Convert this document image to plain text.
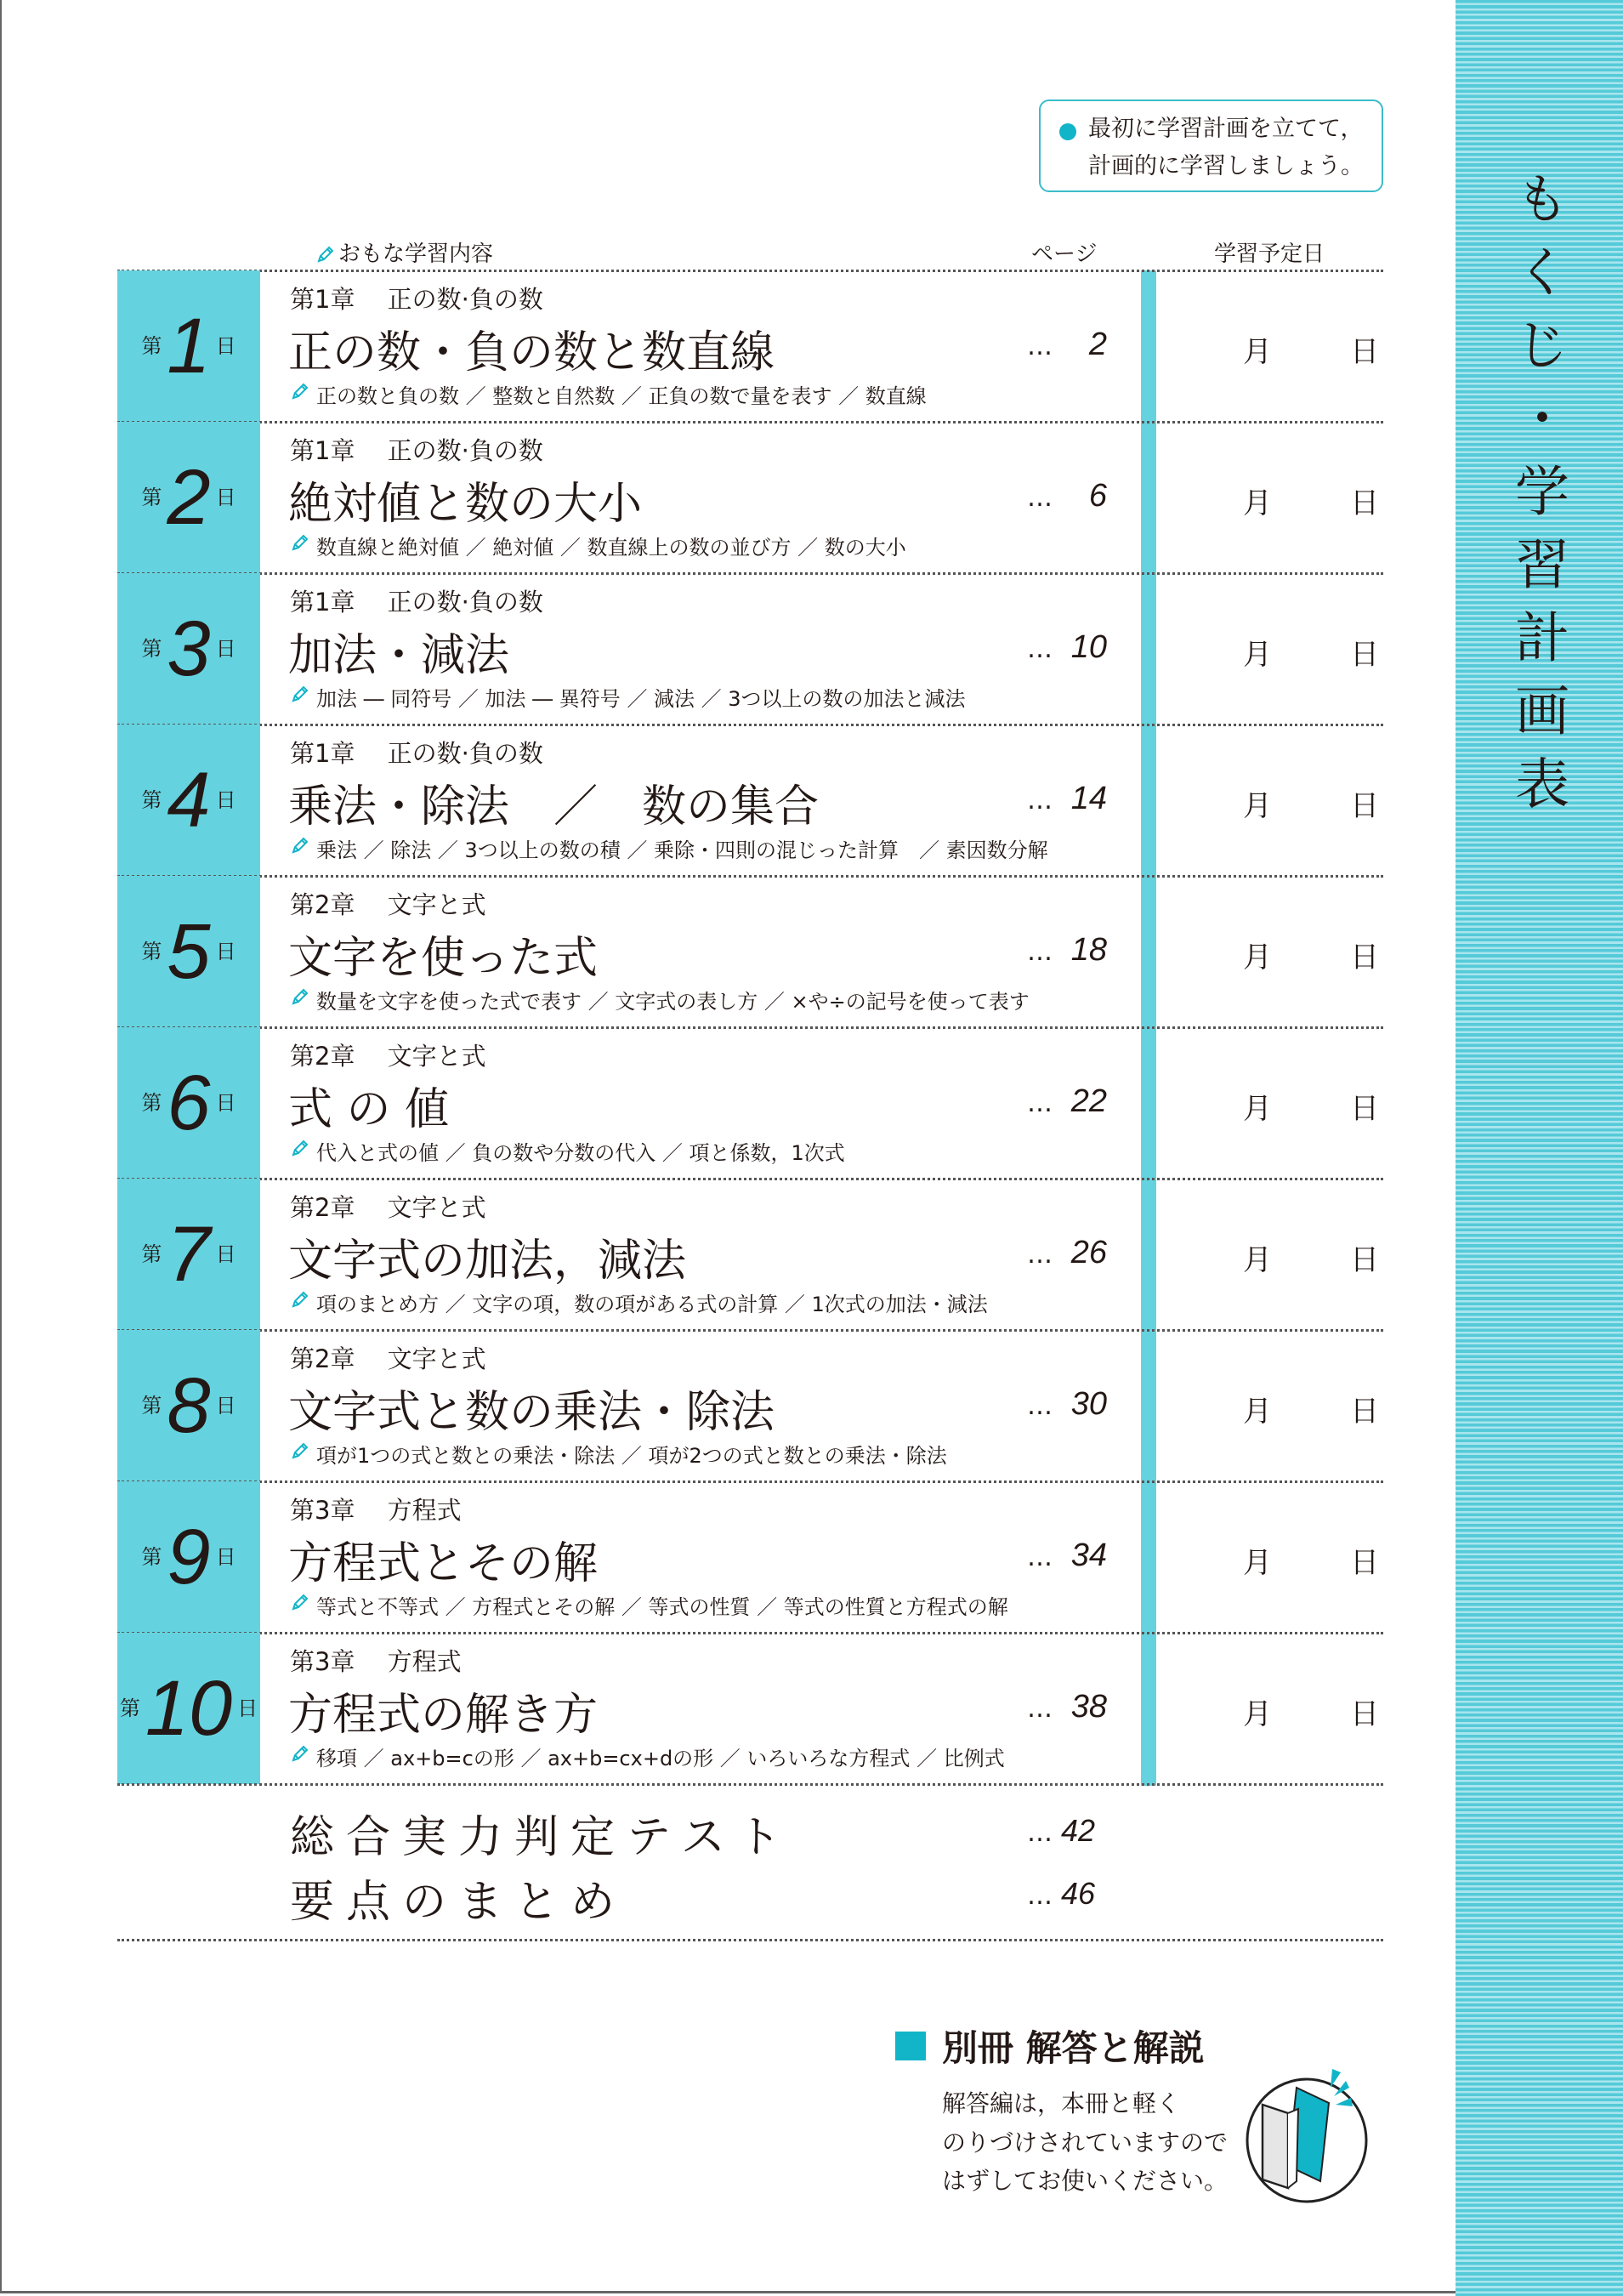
もくじ・学習計画表
最初に学習計画を立てて，
計画的に学習しましょう。
おもな学習内容	ページ	学習予定日
第 1 日
第1章　 正の数·負の数
正の数・負の数と数直線
正の数と負の数 ／ 整数と自然数 ／ 正負の数で量を表す ／ 数直線
…	2	月	日
第 2 日
第1章　 正の数·負の数
絶対値と数の大小
数直線と絶対値 ／ 絶対値 ／ 数直線上の数の並び方 ／ 数の大小
…	6	月	日
第 3 日
第1章　 正の数·負の数
加法・減法
加法 ― 同符号 ／ 加法 ― 異符号 ／ 減法 ／ 3つ以上の数の加法と減法
… 10	月	日
第 4 日
第1章　 正の数·負の数
乗法・除法　／　数の集合
乗法 ／ 除法 ／ 3つ以上の数の積 ／ 乗除・四則の混じった計算　／ 素因数分解
… 14	月	日
第 5 日
第2章　 文字と式
文字を使った式
数量を文字を使った式で表す ／ 文字式の表し方 ／ ×や÷の記号を使って表す
… 18	月	日
第 6 日
第2章　 文字と式
式 の 値
代入と式の値 ／ 負の数や分数の代入 ／ 項と係数，1次式
… 22	月	日
第 7 日
第2章　 文字と式
文字式の加法，減法
項のまとめ方 ／ 文字の項，数の項がある式の計算 ／ 1次式の加法・減法
… 26	月	日
第 8 日
第2章　 文字と式
文字式と数の乗法・除法
項が1つの式と数との乗法・除法 ／ 項が2つの式と数との乗法・除法
… 30	月	日
第 9 日
第3章　 方程式
方程式とその解
等式と不等式 ／ 方程式とその解 ／ 等式の性質 ／ 等式の性質と方程式の解
… 34	月	日
第 10 日
第3章　 方程式
方程式の解き方
移項 ／ ax+b=cの形 ／ ax+b=cx+dの形 ／ いろいろな方程式 ／ 比例式
… 38	月	日
総合実力判定テスト	… 42
要点のまとめ	… 46
別冊 解答と解説
解答編は，本冊と軽く
のりづけされていますので
はずしてお使いください。
